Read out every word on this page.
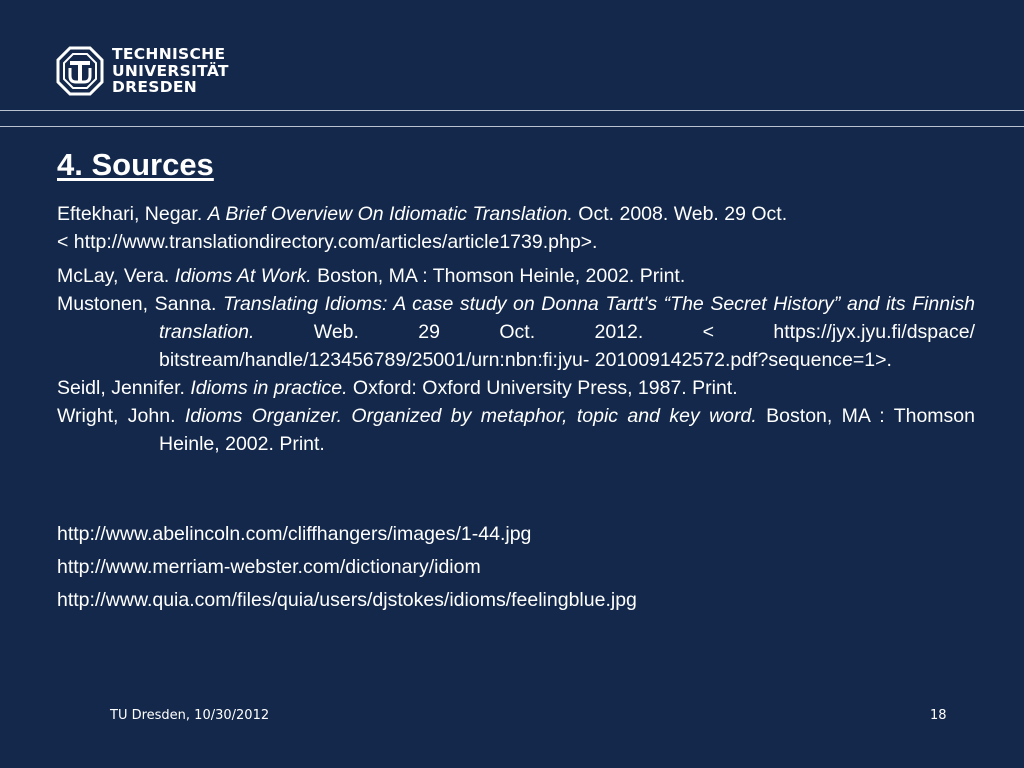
TECHNISCHE
UNIVERSITÄT
DRESDEN
4. Sources

Eftekhari, Negar. A Brief Overview On Idiomatic Translation. Oct. 2008. Web. 29 Oct.
< http://www.translationdirectory.com/articles/article1739.php>.

McLay, Vera. Idioms At Work. Boston, MA : Thomson Heinle, 2002. Print.

Mustonen, Sanna. Translating Idioms: A case study on Donna Tartt's “The Secret History” and its Finnish translation. Web. 29 Oct. 2012. < https://jyx.jyu.fi/dspace/ bitstream/handle/123456789/25001/urn:nbn:fi:jyu- 201009142572.pdf?sequence=1>.

Seidl, Jennifer. Idioms in practice. Oxford: Oxford University Press, 1987. Print.

Wright, John. Idioms Organizer. Organized by metaphor, topic and key word. Boston, MA : Thomson Heinle, 2002. Print.

http://www.abelincoln.com/cliffhangers/images/1-44.jpg
http://www.merriam-webster.com/dictionary/idiom
http://www.quia.com/files/quia/users/djstokes/idioms/feelingblue.jpg
TU Dresden, 10/30/2012	18
